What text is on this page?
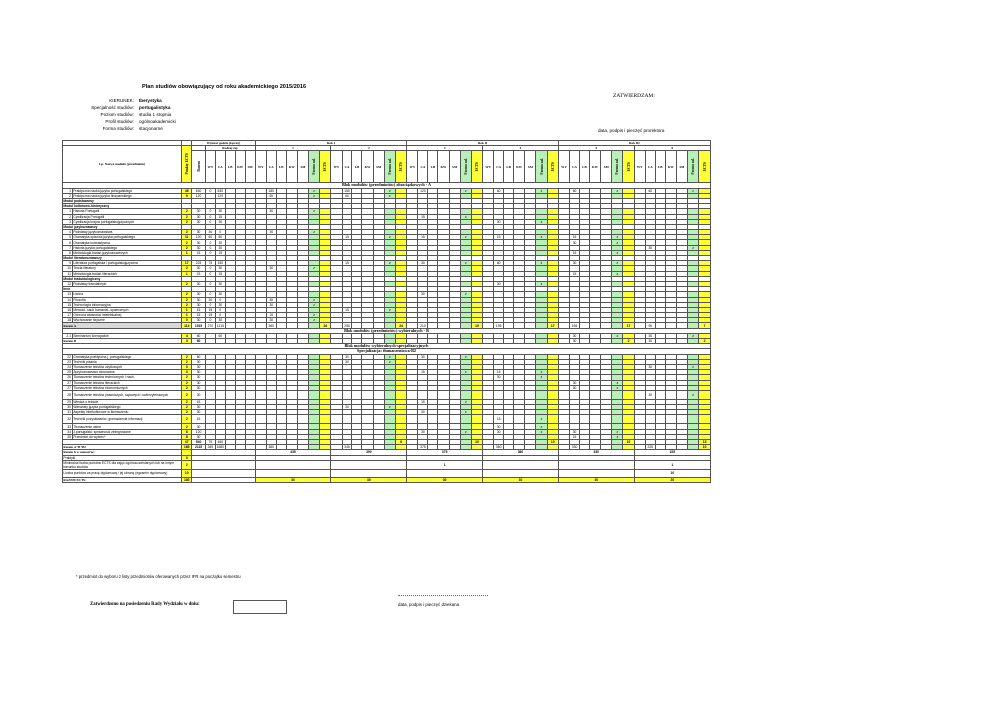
Plan studiów obowiązujący od roku akademickiego 2015/2016
ZATWIERDZAM:
data, podpis i pieczęć prorektora
KIERUNEK:	Iberystyka
Specjalność studiów:	portugalistyka
Poziom studiów:	studia 1 stopnia
Profil studiów:	ogólnoakademicki
Forma studiów:	stacjonarne
			Wymiar godzin (łączny)						Rok I														Rok II														Rok III													
Lp. Nazwa modułu (przedmiotu)		Punkty ECTS		Rodzaj zaj.					1							2							3							4							5							6						
			Razem	WY	CA	LB	KW	SM	WY	CA	LB	KW	SM	Forma zal.	ECTS	WY	CA	LB	KW	SM	Forma zal.	ECTS	WY	CA	LB	KW	SM	Forma zal.	ECTS	WY	CA	LB	KW	SM	Forma zal.	ECTS	WY	CA	LB	KW	SM	Forma zal.	ECTS	WY	CA	LB	KW	SM	Forma zal.	ECTS

Blok modułów (przedmiotów) obowiązkowych - A																																																		
1	Praktyczna nauka języka portugalskiego	46	630	0	630					180				z			150				z			120				z			60				z			60				z			60				z	
2	Praktyczna nauka języka hiszpańskiego	9	120		120					60				z			60				z																													
Moduł podstawowy																																																		
Moduł kulturowo-historyczny																																																		
1	Historia Portugalii	2	30	0	30					30				z																																				
2	Cywilizacja Portugalii	2	30	0	15																			15				z																						
3	Cywilizacja krajów portugalskojęzycznych	2	30	0	30																										30				z															
Moduł językoznawczy																																																		
4	Podstawy językoznawstwa	2	30	30	0					30				z																																				
5	Gramatyka opisowa języka portugalskiego	11	120	60	60												15				z			15				z			15				z			15				z								
6	Gramatyka kontrastywna	2	30	0	30																																	30				z								
7	Historia języka portugalskiego	2	30	0	30																																								30				z	
8	Metodologia badań językoznawczych	1	15	0	15																																	15				z								
Moduł literaturoznawczy																																																		
9	Literatura portugalska i portugalskojęzyczna	17	225	75	150												15				z			30				z			60				z			30				z								
10	Teoria literatury	2	30	0	30					30				z																																				
11	Metodologia badań literackich	1	15	0	15																																	15				z								
Moduł traduktologiczny																																																		
12	Podstawy translatoryki	2	30	0	30																										30				z															
Inne																																																		
13	Łacina	2	30	0	30																			30				z																						
14	Filozofia	2	30	30	0					30				z																																				
15	Technologia informacyjna	2	30	0	30					30				z																																				
16	Metodol. nauk humanist.-społecznych	1	15	15	0												15				z																													
17	Ochrona własności intelektualnej	1	15	15	0					15				z																																				
18	Wychowanie fizyczne	0	30	0	30					30				z																																				
Razem A		114	1515	270	1215					360					24		255					24		210					19		195					17		165					17		90					7
Blok modułów (przedmiotów) wybieralnych - B																																																		
2.1	Seminarium licencjackie	4	60		60																																	30				z			30				z	
Razem B		4	60																																			30					2		30					2
Blok modułów wybieralnych-specjalizacyjnych																																																		
Specjalizacja: tłumaczeniowa-B2																																																		
22	Gramatyka praktyczna j. portugalskiego	2	60														30				z			30				z																						
23	Techniki pisania	2	30														30				z																													
24	Tłumaczenie tekstów użytkowych	3	30																																										30				z	
25	Językoznawstwo stosowane	3	30																					15				z			15				z															
26	Tłumaczenie tekstów technicznych i nauk.	2	30																												30				z															
27	Tłumaczenie tekstów literackich	2	30																																			30				z								
27	Tłumaczenie tekstów ekonomicznych	2	30																																			30				z								
28	Tłumaczenie tekstów prawniczych, sądowych i uwierzytelnionych	2	30																																										30				z	
29	Wiedza o tekście	2	15																					15				z																						
30	Warsztaty języka portugalskiego	2	30														30				z																													
31	Aspekty interkulturowe w tłumaczeniu	2	30																					30				z																						
32	Techniki pozyskiwania i gromadzenia informacji	2	15																												15				z															
33	Tłumaczenie ustne	2	30																												30				z															
34	J.portugalski: sprawności zintegrowane	6	120																					30				z			30				z			30				z								
35	Przedmiot do wyboru*	8	30																																			15				z								
		47	540	75	465																	6							10							10							10							15
Razem A+B+B2		165	2115	345	1680					360							345							375							360							330							225					10
Razem h w semestrze:									435							390							375							360							330							225						
Praktyki		0																																																
Minimalna liczba punktów ECTS dla zajęć ogólnouczelnianych lub na innym kierunku studiów		2																					1																					1						
Liczba punktów za pracę dyplomową i jej obronę (egzamin dyplomowy)		10																																										10						
RAZEM ECTS:		180							30							30							30							30							30							30						
* przedmiot do wyboru z listy przedmiotów oferowanych przez IFR na początku semestru
Zatwierdzono na posiedzeniu Rady Wydziału w dniu:	data, podpis i pieczęć dziekana
